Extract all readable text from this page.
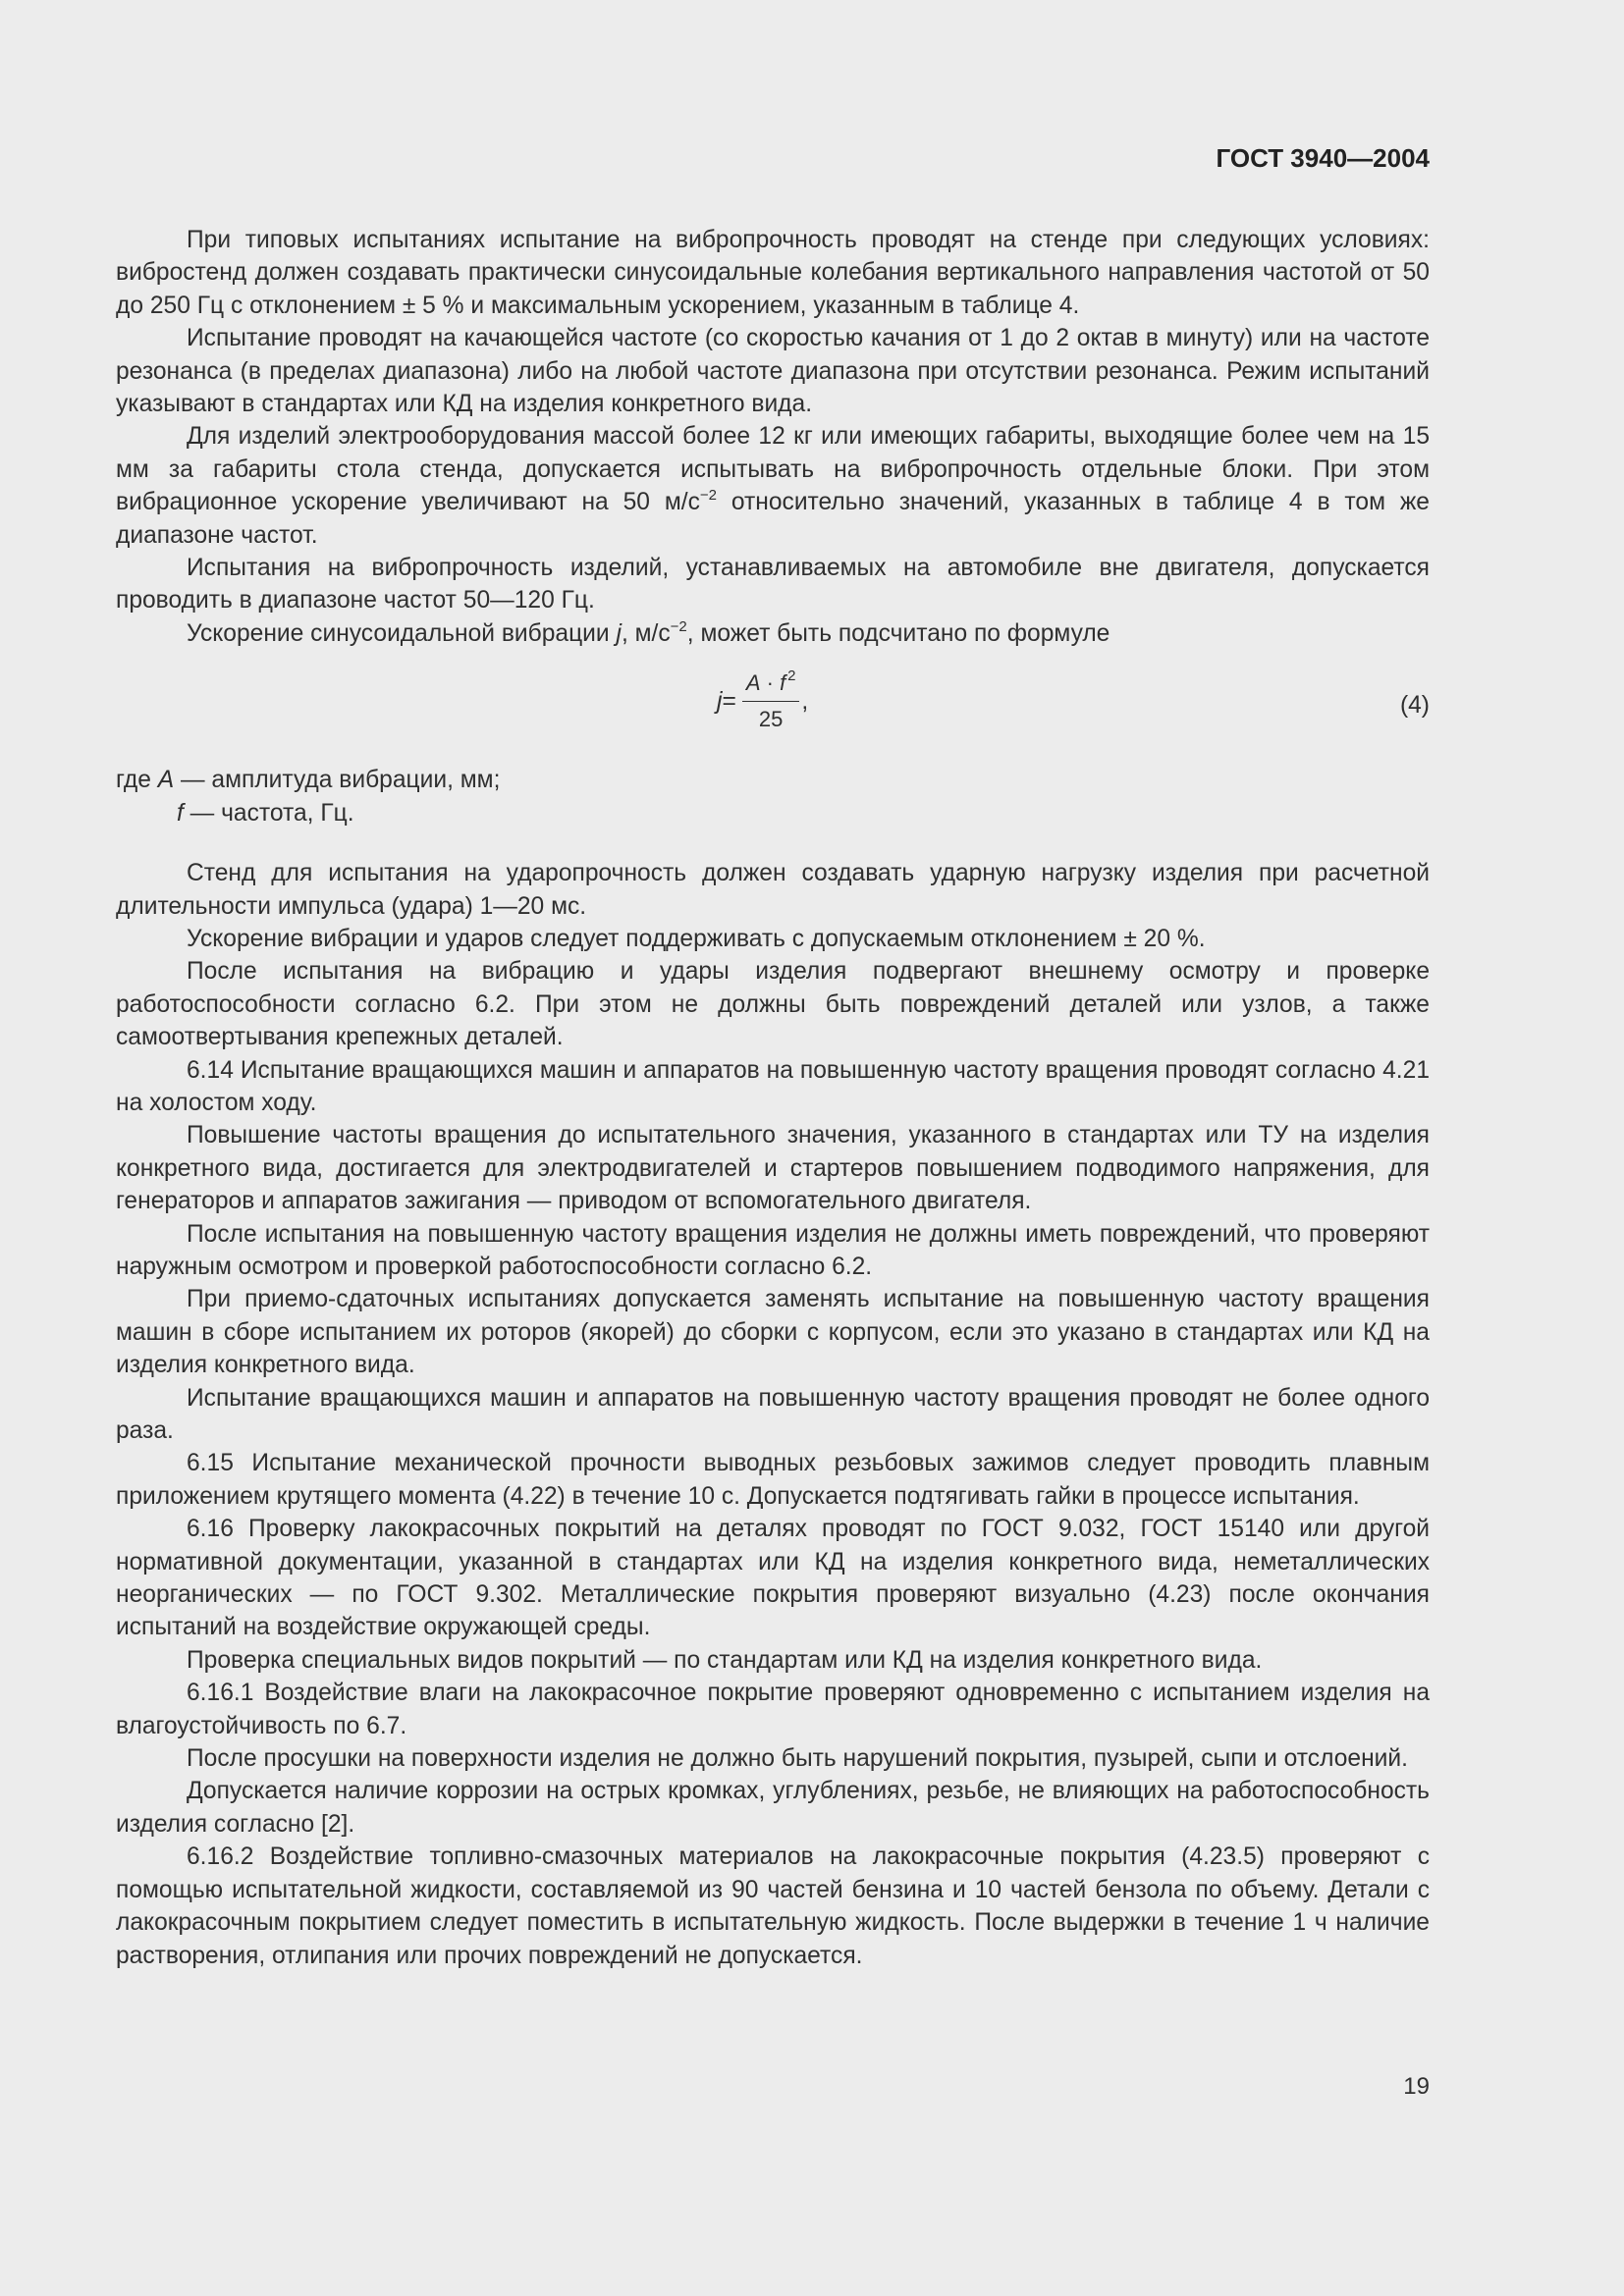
ГОСТ 3940—2004

При типовых испытаниях испытание на вибропрочность проводят на стенде при следующих условиях: вибростенд должен создавать практически синусоидальные колебания вертикального направления частотой от 50 до 250 Гц с отклонением ± 5 % и максимальным ускорением, указанным в таблице 4.

Испытание проводят на качающейся частоте (со скоростью качания от 1 до 2 октав в минуту) или на частоте резонанса (в пределах диапазона) либо на любой частоте диапазона при отсутствии резонанса. Режим испытаний указывают в стандартах или КД на изделия конкретного вида.

Для изделий электрооборудования массой более 12 кг или имеющих габариты, выходящие более чем на 15 мм за габариты стола стенда, допускается испытывать на вибропрочность отдельные блоки. При этом вибрационное ускорение увеличивают на 50 $м/с^{-2}$ относительно значений, указанных в таблице 4 в том же диапазоне частот.

Испытания на вибропрочность изделий, устанавливаемых на автомобиле вне двигателя, допускается проводить в диапазоне частот 50—120 Гц.

Ускорение синусоидальной вибрации j, $м/с^{-2}$, может быть подсчитано по формуле

$j = \frac{A \cdot f ^2}{25}$ ,	(4)
где A — амплитуда вибрации, мм;
f — частота, Гц.

Стенд для испытания на ударопрочность должен создавать ударную нагрузку изделия при расчетной длительности импульса (удара) 1—20 мс.

Ускорение вибрации и ударов следует поддерживать с допускаемым отклонением ± 20 %.

После испытания на вибрацию и удары изделия подвергают внешнему осмотру и проверке работоспособности согласно 6.2. При этом не должны быть повреждений деталей или узлов, а также самоотвертывания крепежных деталей.

6.14 Испытание вращающихся машин и аппаратов на повышенную частоту вращения проводят согласно 4.21 на холостом ходу.

Повышение частоты вращения до испытательного значения, указанного в стандартах или ТУ на изделия конкретного вида, достигается для электродвигателей и стартеров повышением подводимого напряжения, для генераторов и аппаратов зажигания — приводом от вспомогательного двигателя.

После испытания на повышенную частоту вращения изделия не должны иметь повреждений, что проверяют наружным осмотром и проверкой работоспособности согласно 6.2.

При приемо-сдаточных испытаниях допускается заменять испытание на повышенную частоту вращения машин в сборе испытанием их роторов (якорей) до сборки с корпусом, если это указано в стандартах или КД на изделия конкретного вида.

Испытание вращающихся машин и аппаратов на повышенную частоту вращения проводят не более одного раза.

6.15 Испытание механической прочности выводных резьбовых зажимов следует проводить плавным приложением крутящего момента (4.22) в течение 10 с. Допускается подтягивать гайки в процессе испытания.

6.16 Проверку лакокрасочных покрытий на деталях проводят по ГОСТ 9.032, ГОСТ 15140 или другой нормативной документации, указанной в стандартах или КД на изделия конкретного вида, неметаллических неорганических — по ГОСТ 9.302. Металлические покрытия проверяют визуально (4.23) после окончания испытаний на воздействие окружающей среды.

Проверка специальных видов покрытий — по стандартам или КД на изделия конкретного вида.

6.16.1 Воздействие влаги на лакокрасочное покрытие проверяют одновременно с испытанием изделия на влагоустойчивость по 6.7.

После просушки на поверхности изделия не должно быть нарушений покрытия, пузырей, сыпи и отслоений.

Допускается наличие коррозии на острых кромках, углублениях, резьбе, не влияющих на работоспособность изделия согласно [2].

6.16.2 Воздействие топливно-смазочных материалов на лакокрасочные покрытия (4.23.5) проверяют с помощью испытательной жидкости, составляемой из 90 частей бензина и 10 частей бензола по объему. Детали с лакокрасочным покрытием следует поместить в испытательную жидкость. После выдержки в течение 1 ч наличие растворения, отлипания или прочих повреждений не допускается.

19
